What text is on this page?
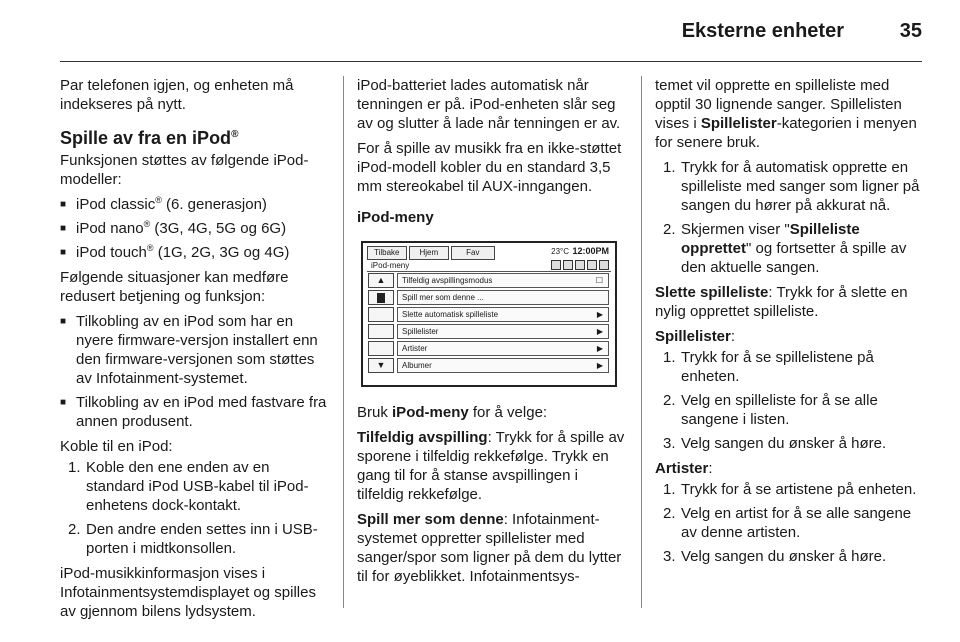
Eksterne enheter	35

Par telefonen igjen, og enheten må indekseres på nytt.

Spille av fra en iPod®

Funksjonen støttes av følgende iPod-modeller:

■ iPod classic® (6. generasjon)
■ iPod nano® (3G, 4G, 5G og 6G)
■ iPod touch® (1G, 2G, 3G og 4G)

Følgende situasjoner kan medføre redusert betjening og funksjon:

■ Tilkobling av en iPod som har en nyere firmware-versjon installert enn den firmware-versjonen som støttes av Infotainment-systemet.
■ Tilkobling av en iPod med fastvare fra annen produsent.

Koble til en iPod:

1. Koble den ene enden av en standard iPod USB-kabel til iPod-enhetens dock-kontakt.
2. Den andre enden settes inn i USB-porten i midtkonsollen.

iPod-musikkinformasjon vises i Infotainmentsystemdisplayet og spilles av gjennom bilens lydsystem.

iPod-batteriet lades automatisk når tenningen er på. iPod-enheten slår seg av og slutter å lade når tenningen er av.

For å spille av musikk fra en ikke-støttet iPod-modell kobler du en standard 3,5 mm stereokabel til AUX-inngangen.

iPod-meny
Tilbake	Hjem	Fav	23°C 12:00PM
iPod-meny
▲
▼
Tilfeldig avspillingsmodus	☐
Spill mer som denne ...
Slette automatisk spilleliste	▶
Spillelister	▶
Artister	▶
Albumer	▶

Bruk iPod-meny for å velge:

Tilfeldig avspilling: Trykk for å spille av sporene i tilfeldig rekkefølge. Trykk en gang til for å stanse avspillingen i tilfeldig rekkefølge.

Spill mer som denne: Infotainment-systemet oppretter spillelister med sanger/spor som ligner på dem du lytter til for øyeblikket. Infotainmentsys-

temet vil opprette en spilleliste med opptil 30 lignende sanger. Spillelisten vises i Spillelister-kategorien i menyen for senere bruk.

1. Trykk for å automatisk opprette en spilleliste med sanger som ligner på sangen du hører på akkurat nå.
2. Skjermen viser "Spilleliste opprettet" og fortsetter å spille av den aktuelle sangen.

Slette spilleliste: Trykk for å slette en nylig opprettet spilleliste.

Spillelister:

1. Trykk for å se spillelistene på enheten.
2. Velg en spilleliste for å se alle sangene i listen.
3. Velg sangen du ønsker å høre.

Artister:

1. Trykk for å se artistene på enheten.
2. Velg en artist for å se alle sangene av denne artisten.
3. Velg sangen du ønsker å høre.
